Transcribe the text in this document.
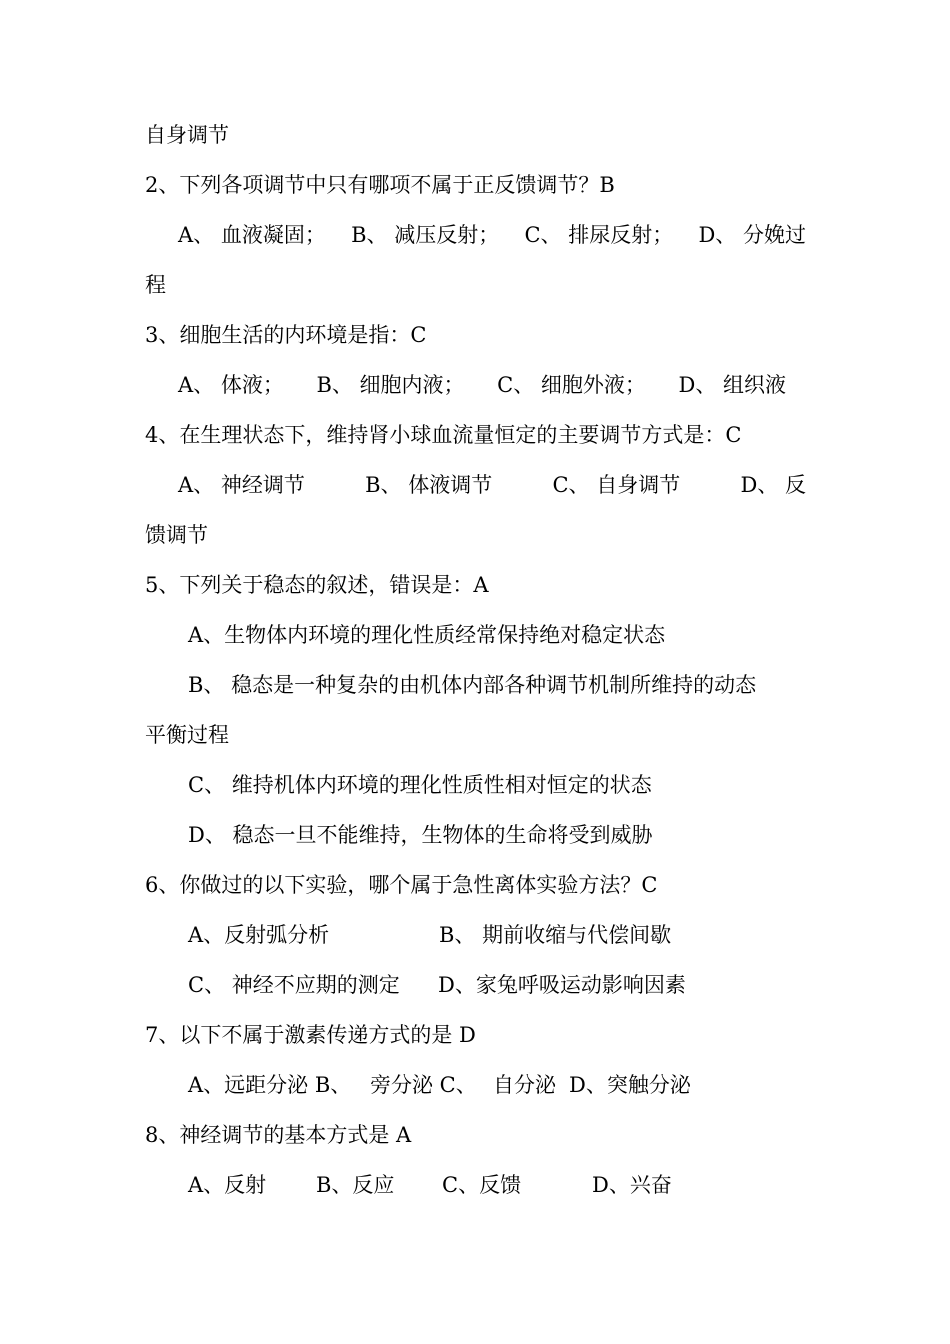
自身调节
2、下列各项调节中只有哪项不属于正反馈调节？B
A、 血液凝固； B、 减压反射； C、 排尿反射； D、 分娩过
程
3、细胞生活的内环境是指：C
A、 体液； B、 细胞内液； C、 细胞外液； D、 组织液
4、在生理状态下，维持肾小球血流量恒定的主要调节方式是：C
A、 神经调节	B、 体液调节	C、 自身调节	D、 反
馈调节
5、下列关于稳态的叙述，错误是：A
A、生物体内环境的理化性质经常保持绝对稳定状态
B、 稳态是一种复杂的由机体内部各种调节机制所维持的动态
平衡过程
C、 维持机体内环境的理化性质性相对恒定的状态
D、 稳态一旦不能维持，生物体的生命将受到威胁
6、你做过的以下实验，哪个属于急性离体实验方法？C
A、反射弧分析	B、 期前收缩与代偿间歇
C、 神经不应期的测定 D、家兔呼吸运动影响因素
7、以下不属于激素传递方式的是 D
A、远距分泌 B、 旁分泌 C、 自分泌 D、突触分泌
8、神经调节的基本方式是 A
A、反射 B、反应 C、反馈	D、兴奋
